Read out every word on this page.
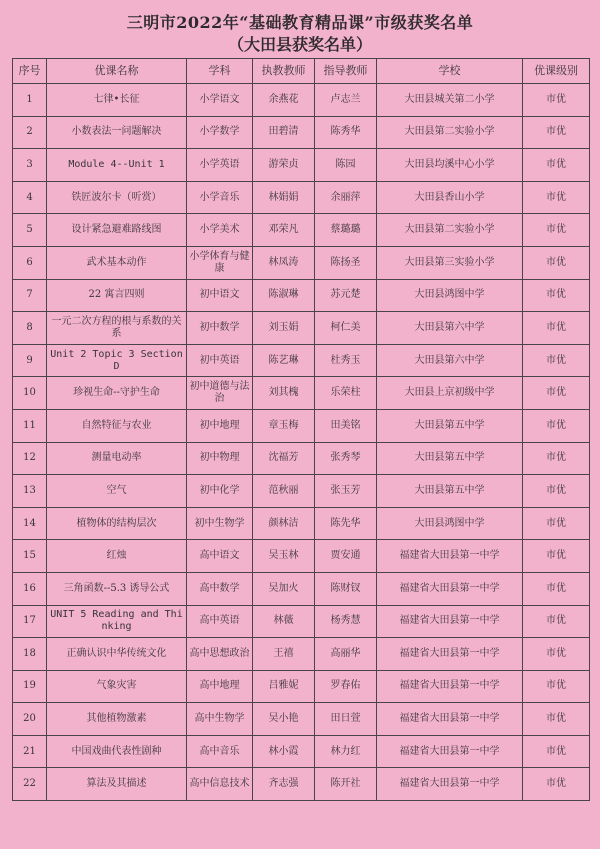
三明市2022年“基础教育精品课”市级获奖名单
（大田县获奖名单）
序号	优课名称	学科	执教教师	指导教师	学校	优课级别
1	七律•长征	小学语文	余燕花	卢志兰	大田县城关第二小学	市优
2	小数表法一问题解决	小学数学	田碧清	陈秀华	大田县第二实验小学	市优
3	Module 4--Unit 1	小学英语	游荣贞	陈园	大田县均溪中心小学	市优
4	铁匠波尔卡（听赏）	小学音乐	林娟娟	余丽萍	大田县香山小学	市优
5	设计紧急避难路线图	小学美术	邓荣凡	蔡璐璐	大田县第二实验小学	市优
6	武术基本动作	小学体育与健康	林凤涛	陈扬圣	大田县第三实验小学	市优
7	22 寓言四则	初中语文	陈淑琳	苏元楚	大田县鸿图中学	市优
8	一元二次方程的根与系数的关系	初中数学	刘玉娟	柯仁美	大田县第六中学	市优
9	Unit 2 Topic 3 Section D	初中英语	陈艺琳	杜秀玉	大田县第六中学	市优
10	珍视生命--守护生命	初中道德与法治	刘其槐	乐荣柱	大田县上京初级中学	市优
11	自然特征与农业	初中地理	章玉梅	田美铭	大田县第五中学	市优
12	测量电动率	初中物理	沈福芳	张秀琴	大田县第五中学	市优
13	空气	初中化学	范秋丽	张玉芳	大田县第五中学	市优
14	植物体的结构层次	初中生物学	颜林洁	陈先华	大田县鸿图中学	市优
15	红烛	高中语文	吴玉林	贾安通	福建省大田县第一中学	市优
16	三角函数--5.3 诱导公式	高中数学	吴加火	陈财钗	福建省大田县第一中学	市优
17	UNIT 5 Reading and Thinking	高中英语	林薇	杨秀慧	福建省大田县第一中学	市优
18	正确认识中华传统文化	高中思想政治	王禧	高丽华	福建省大田县第一中学	市优
19	气象灾害	高中地理	吕雅妮	罗春佑	福建省大田县第一中学	市优
20	其他植物激素	高中生物学	吴小艳	田日萱	福建省大田县第一中学	市优
21	中国戏曲代表性剧种	高中音乐	林小霞	林力红	福建省大田县第一中学	市优
22	算法及其描述	高中信息技术	齐志强	陈开社	福建省大田县第一中学	市优
